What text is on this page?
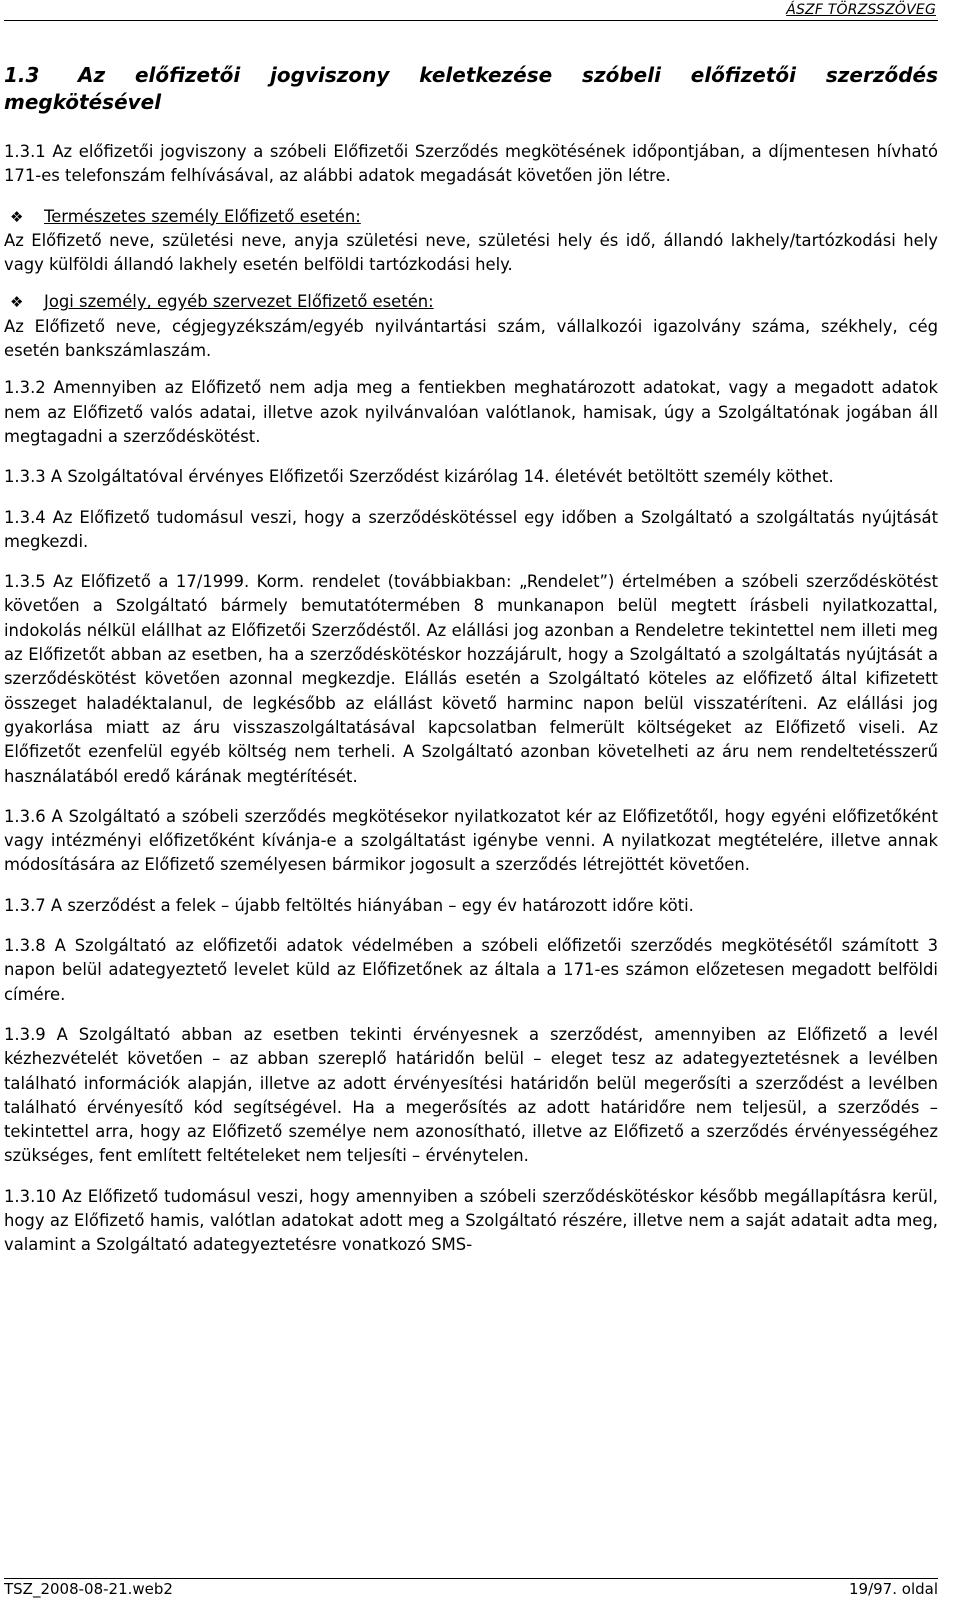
ÁSZF TÖRZSSZÖVEG
1.3 Az előfizetői jogviszony keletkezése szóbeli előfizetői szerződés megkötésével

1.3.1 Az előfizetői jogviszony a szóbeli Előfizetői Szerződés megkötésének időpontjában, a díjmentesen hívható 171-es telefonszám felhívásával, az alábbi adatok megadását követően jön létre.

❖ Természetes személy Előfizető esetén:
Az Előfizető neve, születési neve, anyja születési neve, születési hely és idő, állandó lakhely/tartózkodási hely vagy külföldi állandó lakhely esetén belföldi tartózkodási hely.
❖ Jogi személy, egyéb szervezet Előfizető esetén:
Az Előfizető neve, cégjegyzékszám/egyéb nyilvántartási szám, vállalkozói igazolvány száma, székhely, cég esetén bankszámlaszám.

1.3.2 Amennyiben az Előfizető nem adja meg a fentiekben meghatározott adatokat, vagy a megadott adatok nem az Előfizető valós adatai, illetve azok nyilvánvalóan valótlanok, hamisak, úgy a Szolgáltatónak jogában áll megtagadni a szerződéskötést.

1.3.3 A Szolgáltatóval érvényes Előfizetői Szerződést kizárólag 14. életévét betöltött személy köthet.

1.3.4 Az Előfizető tudomásul veszi, hogy a szerződéskötéssel egy időben a Szolgáltató a szolgáltatás nyújtását megkezdi.

1.3.5 Az Előfizető a 17/1999. Korm. rendelet (továbbiakban: „Rendelet”) értelmében a szóbeli szerződéskötést követően a Szolgáltató bármely bemutatótermében 8 munkanapon belül megtett írásbeli nyilatkozattal, indokolás nélkül elállhat az Előfizetői Szerződéstől. Az elállási jog azonban a Rendeletre tekintettel nem illeti meg az Előfizetőt abban az esetben, ha a szerződéskötéskor hozzájárult, hogy a Szolgáltató a szolgáltatás nyújtását a szerződéskötést követően azonnal megkezdje. Elállás esetén a Szolgáltató köteles az előfizető által kifizetett összeget haladéktalanul, de legkésőbb az elállást követő harminc napon belül visszatéríteni. Az elállási jog gyakorlása miatt az áru visszaszolgáltatásával kapcsolatban felmerült költségeket az Előfizető viseli. Az Előfizetőt ezenfelül egyéb költség nem terheli. A Szolgáltató azonban követelheti az áru nem rendeltetésszerű használatából eredő kárának megtérítését.

1.3.6 A Szolgáltató a szóbeli szerződés megkötésekor nyilatkozatot kér az Előfizetőtől, hogy egyéni előfizetőként vagy intézményi előfizetőként kívánja-e a szolgáltatást igénybe venni. A nyilatkozat megtételére, illetve annak módosítására az Előfizető személyesen bármikor jogosult a szerződés létrejöttét követően.

1.3.7 A szerződést a felek – újabb feltöltés hiányában – egy év határozott időre köti.

1.3.8 A Szolgáltató az előfizetői adatok védelmében a szóbeli előfizetői szerződés megkötésétől számított 3 napon belül adategyeztető levelet küld az Előfizetőnek az általa a 171-es számon előzetesen megadott belföldi címére.

1.3.9 A Szolgáltató abban az esetben tekinti érvényesnek a szerződést, amennyiben az Előfizető a levél kézhezvételét követően – az abban szereplő határidőn belül – eleget tesz az adategyeztetésnek a levélben található információk alapján, illetve az adott érvényesítési határidőn belül megerősíti a szerződést a levélben található érvényesítő kód segítségével. Ha a megerősítés az adott határidőre nem teljesül, a szerződés – tekintettel arra, hogy az Előfizető személye nem azonosítható, illetve az Előfizető a szerződés érvényességéhez szükséges, fent említett feltételeket nem teljesíti – érvénytelen.

1.3.10 Az Előfizető tudomásul veszi, hogy amennyiben a szóbeli szerződéskötéskor később megállapításra kerül, hogy az Előfizető hamis, valótlan adatokat adott meg a Szolgáltató részére, illetve nem a saját adatait adta meg, valamint a Szolgáltató adategyeztetésre vonatkozó SMS-

TSZ_2008-08-21.web2	19/97. oldal
